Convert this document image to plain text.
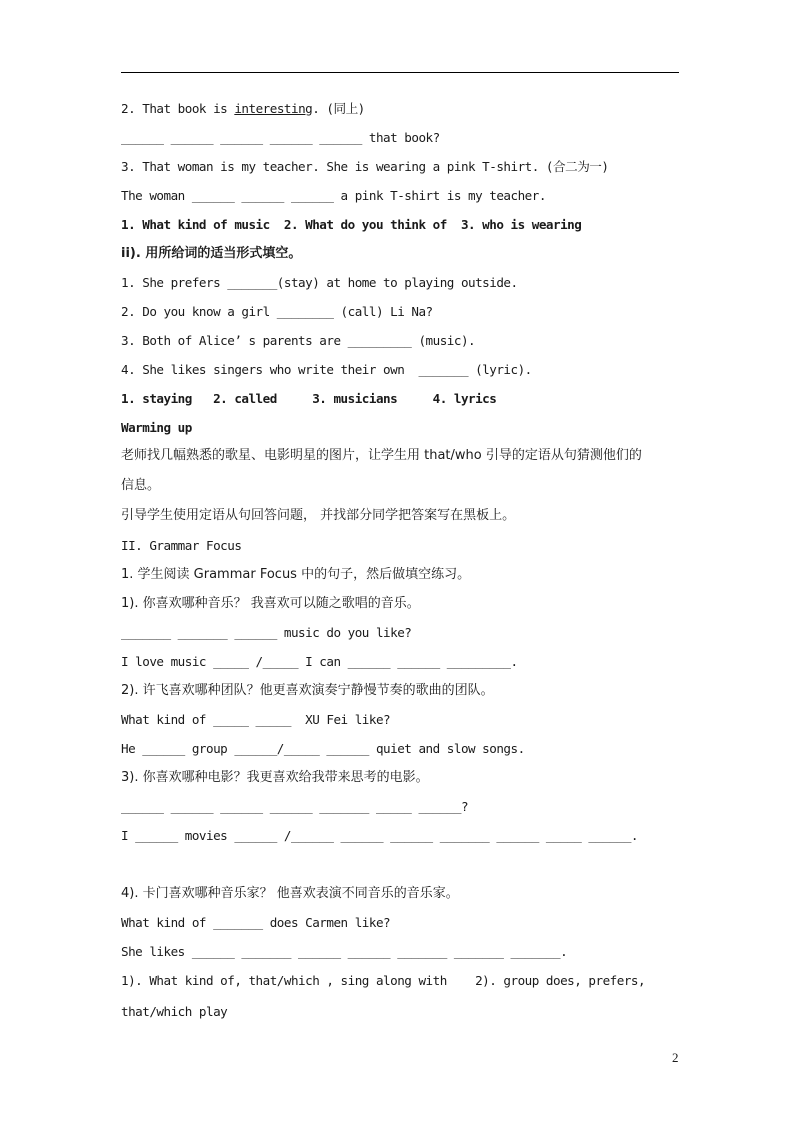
2. That book is interesting. (同上)
______ ______ ______ ______ ______ that book?
3. That woman is my teacher. She is wearing a pink T-shirt. (合二为一)
The woman ______ ______ ______ a pink T-shirt is my teacher.
1. What kind of music  2. What do you think of  3. who is wearing
ii). 用所给词的适当形式填空。
1. She prefers _______(stay) at home to playing outside.
2. Do you know a girl ________ (call) Li Na?
3. Both of Alice’ s parents are _________ (music).
4. She likes singers who write their own  _______ (lyric).
1. staying   2. called     3. musicians     4. lyrics
Warming up
老师找几幅熟悉的歌星、电影明星的图片，让学生用 that/who 引导的定语从句猜测他们的
信息。
引导学生使用定语从句回答问题， 并找部分同学把答案写在黑板上。
II. Grammar Focus
1. 学生阅读 Grammar Focus 中的句子，然后做填空练习。
1). 你喜欢哪种音乐？ 我喜欢可以随之歌唱的音乐。
_______ _______ ______ music do you like?
I love music _____ /_____ I can ______ ______ _________.
2). 许飞喜欢哪种团队？他更喜欢演奏宁静慢节奏的歌曲的团队。
What kind of _____ _____  XU Fei like?
He ______ group ______/_____ ______ quiet and slow songs.
3). 你喜欢哪种电影？我更喜欢给我带来思考的电影。
______ ______ ______ ______ _______ _____ ______?
I ______ movies ______ /______ ______ ______ _______ ______ _____ ______.
4). 卡门喜欢哪种音乐家？ 他喜欢表演不同音乐的音乐家。
What kind of _______ does Carmen like?
She likes ______ _______ ______ ______ _______ _______ _______.
1). What kind of, that/which , sing along with    2). group does, prefers,
that/which play
2
